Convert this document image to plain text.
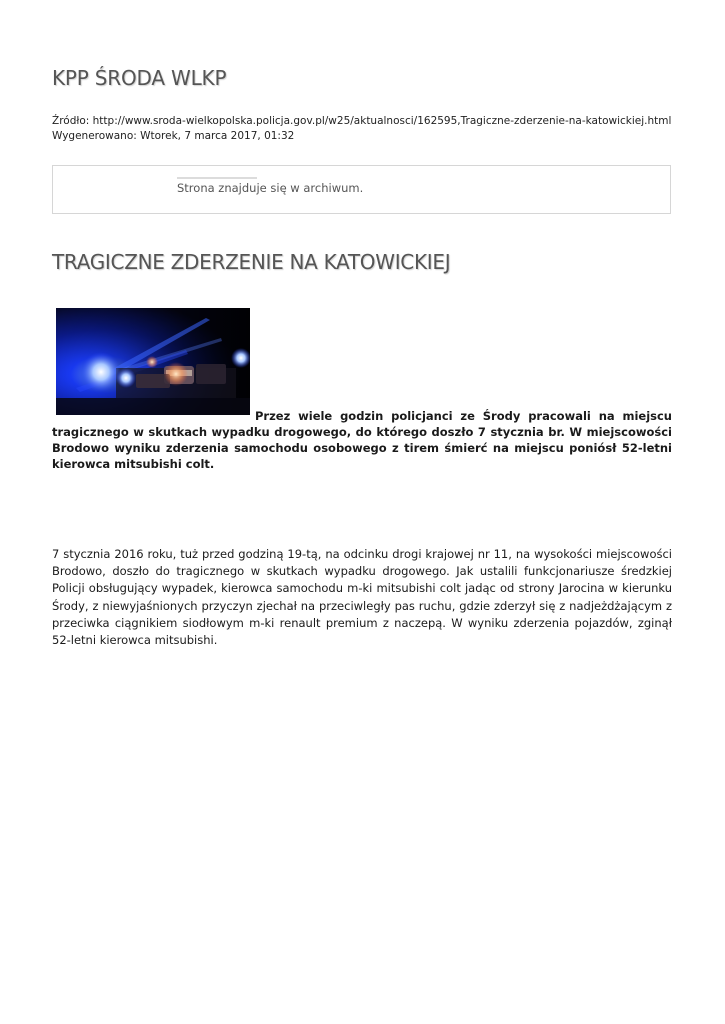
KPP ŚRODA WLKP
Źródło: http://www.sroda-wielkopolska.policja.gov.pl/w25/aktualnosci/162595,Tragiczne-zderzenie-na-katowickiej.html
Wygenerowano: Wtorek, 7 marca 2017, 01:32
Strona znajduje się w archiwum.
TRAGICZNE ZDERZENIE NA KATOWICKIEJ

Przez wiele godzin policjanci ze Środy pracowali na miejscu tragicznego w skutkach wypadku drogowego, do którego doszło 7 stycznia br. W miejscowości Brodowo wyniku zderzenia samochodu osobowego z tirem śmierć na miejscu poniósł 52-letni kierowca mitsubishi colt.

7 stycznia 2016 roku, tuż przed godziną 19-tą, na odcinku drogi krajowej nr 11, na wysokości miejscowości Brodowo, doszło do tragicznego w skutkach wypadku drogowego. Jak ustalili funkcjonariusze średzkiej Policji obsługujący wypadek, kierowca samochodu m-ki mitsubishi colt jadąc od strony Jarocina w kierunku Środy, z niewyjaśnionych przyczyn zjechał na przeciwległy pas ruchu, gdzie zderzył się z nadjeżdżającym z przeciwka ciągnikiem siodłowym m-ki renault premium z naczepą. W wyniku zderzenia pojazdów, zginął 52-letni kierowca mitsubishi.
